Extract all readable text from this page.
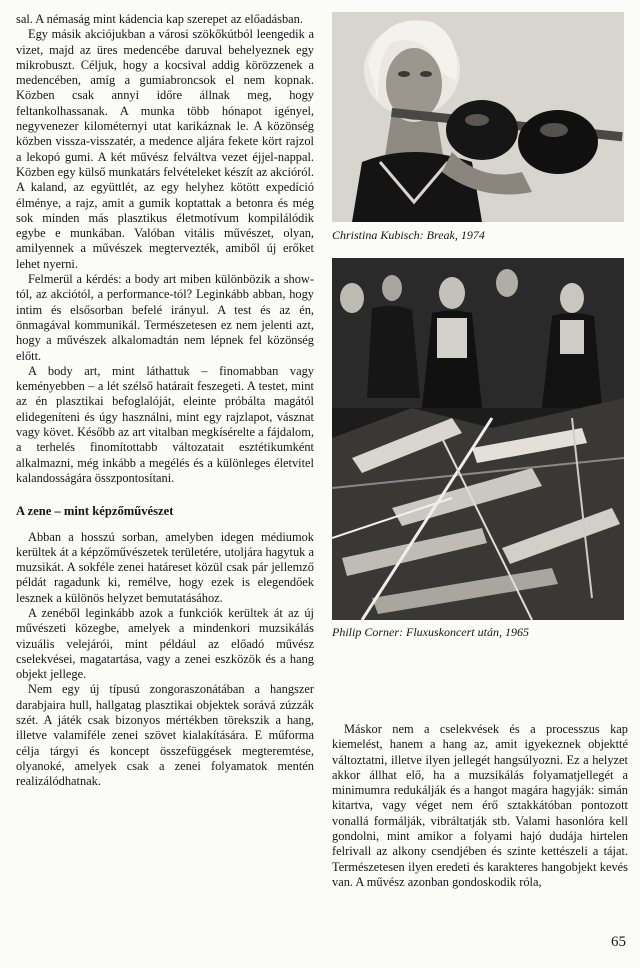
sal. A némaság mint kádencia kap szerepet az előadásban.

Egy másik akciójukban a városi szökőkútból leengedik a vizet, majd az üres medencébe daruval behelyeznek egy mikrobuszt. Céljuk, hogy a kocsival addig körözzenek a medencében, amíg a gumiabroncsok el nem kopnak. Közben csak annyi időre állnak meg, hogy feltankolhassanak. A munka több hónapot igényel, negyvenezer kilométernyi utat karikáznak le. A közönség közben vissza-visszatér, a medence aljára fekete kört rajzol a lekopó gumi. A két művész felváltva vezet éjjel-nappal. Közben egy külső munkatárs felvételeket készít az akcióról. A kaland, az együttlét, az egy helyhez kötött expedíció élménye, a rajz, amit a gumik koptattak a betonra és még sok minden más plasztikus életmotívum kompilálódik egybe e munkában. Valóban vitális művészet, olyan, amilyennek a művészek megtervezték, amiből új erőket lehet nyerni.

Felmerül a kérdés: a body art miben különbözik a show-tól, az akciótól, a performance-tól? Leginkább abban, hogy intim és elsősorban befelé irányul. A test és az én, önmagával kommunikál. Természetesen ez nem jelenti azt, hogy a művészek alkalomadtán nem lépnek fel közönség előtt.

A body art, mint láthattuk – finomabban vagy keményebben – a lét szélső határait feszegeti. A testet, mint az én plasztikai befoglalóját, eleinte próbálta magától elidegeníteni és úgy használni, mint egy rajzlapot, vásznat vagy követ. Később az art vitalban megkísérelte a fájdalom, a terhelés finomítottabb változatait esztétikumként alkalmazni, még inkább a megélés és a különleges életvitel kalandosságára összpontosítani.

A zene – mint képzőművészet

Abban a hosszú sorban, amelyben idegen médiumok kerültek át a képzőművészetek területére, utoljára hagytuk a muzsikát. A sokféle zenei határeset közül csak pár jellemző példát ragadunk ki, remélve, hogy ezek is elegendőek lesznek a különös helyzet bemutatásához.

A zenéből leginkább azok a funkciók kerültek át az új művészeti közegbe, amelyek a mindenkori muzsikálás vizuális velejárói, mint például az előadó művész cselekvései, magatartása, vagy a zenei eszközök és a hang objekt jellege.

Nem egy új típusú zongoraszonátában a hangszer darabjaira hull, hallgatag plasztikai objektek sorává zúzzák szét. A játék csak bizonyos mértékben törekszik a hang, illetve valamiféle zenei szövet kialakítására. E műforma célja tárgyi és koncept összefüggések megteremtése, olyanoké, amelyek csak a zenei folyamatok mentén realizálódhatnak.

Christina Kubisch: Break, 1974
Philip Corner: Fluxuskoncert után, 1965

Máskor nem a cselekvések és a processzus kap kiemelést, hanem a hang az, amit igyekeznek objektté változtatni, illetve ilyen jellegét hangsúlyozni. Ez a helyzet akkor állhat elő, ha a muzsikálás folyamatjellegét a minimumra redukálják és a hangot magára hagyják: simán kitartva, vagy véget nem érő sztakkátóban pontozott vonallá formálják, vibráltatják stb. Valami hasonlóra kell gondolni, mint amikor a folyami hajó dudája hirtelen felrivall az alkony csendjében és szinte kettészeli a tájat. Természetesen ilyen eredeti és karakteres hangobjekt kevés van. A művész azonban gondoskodik róla,

65
